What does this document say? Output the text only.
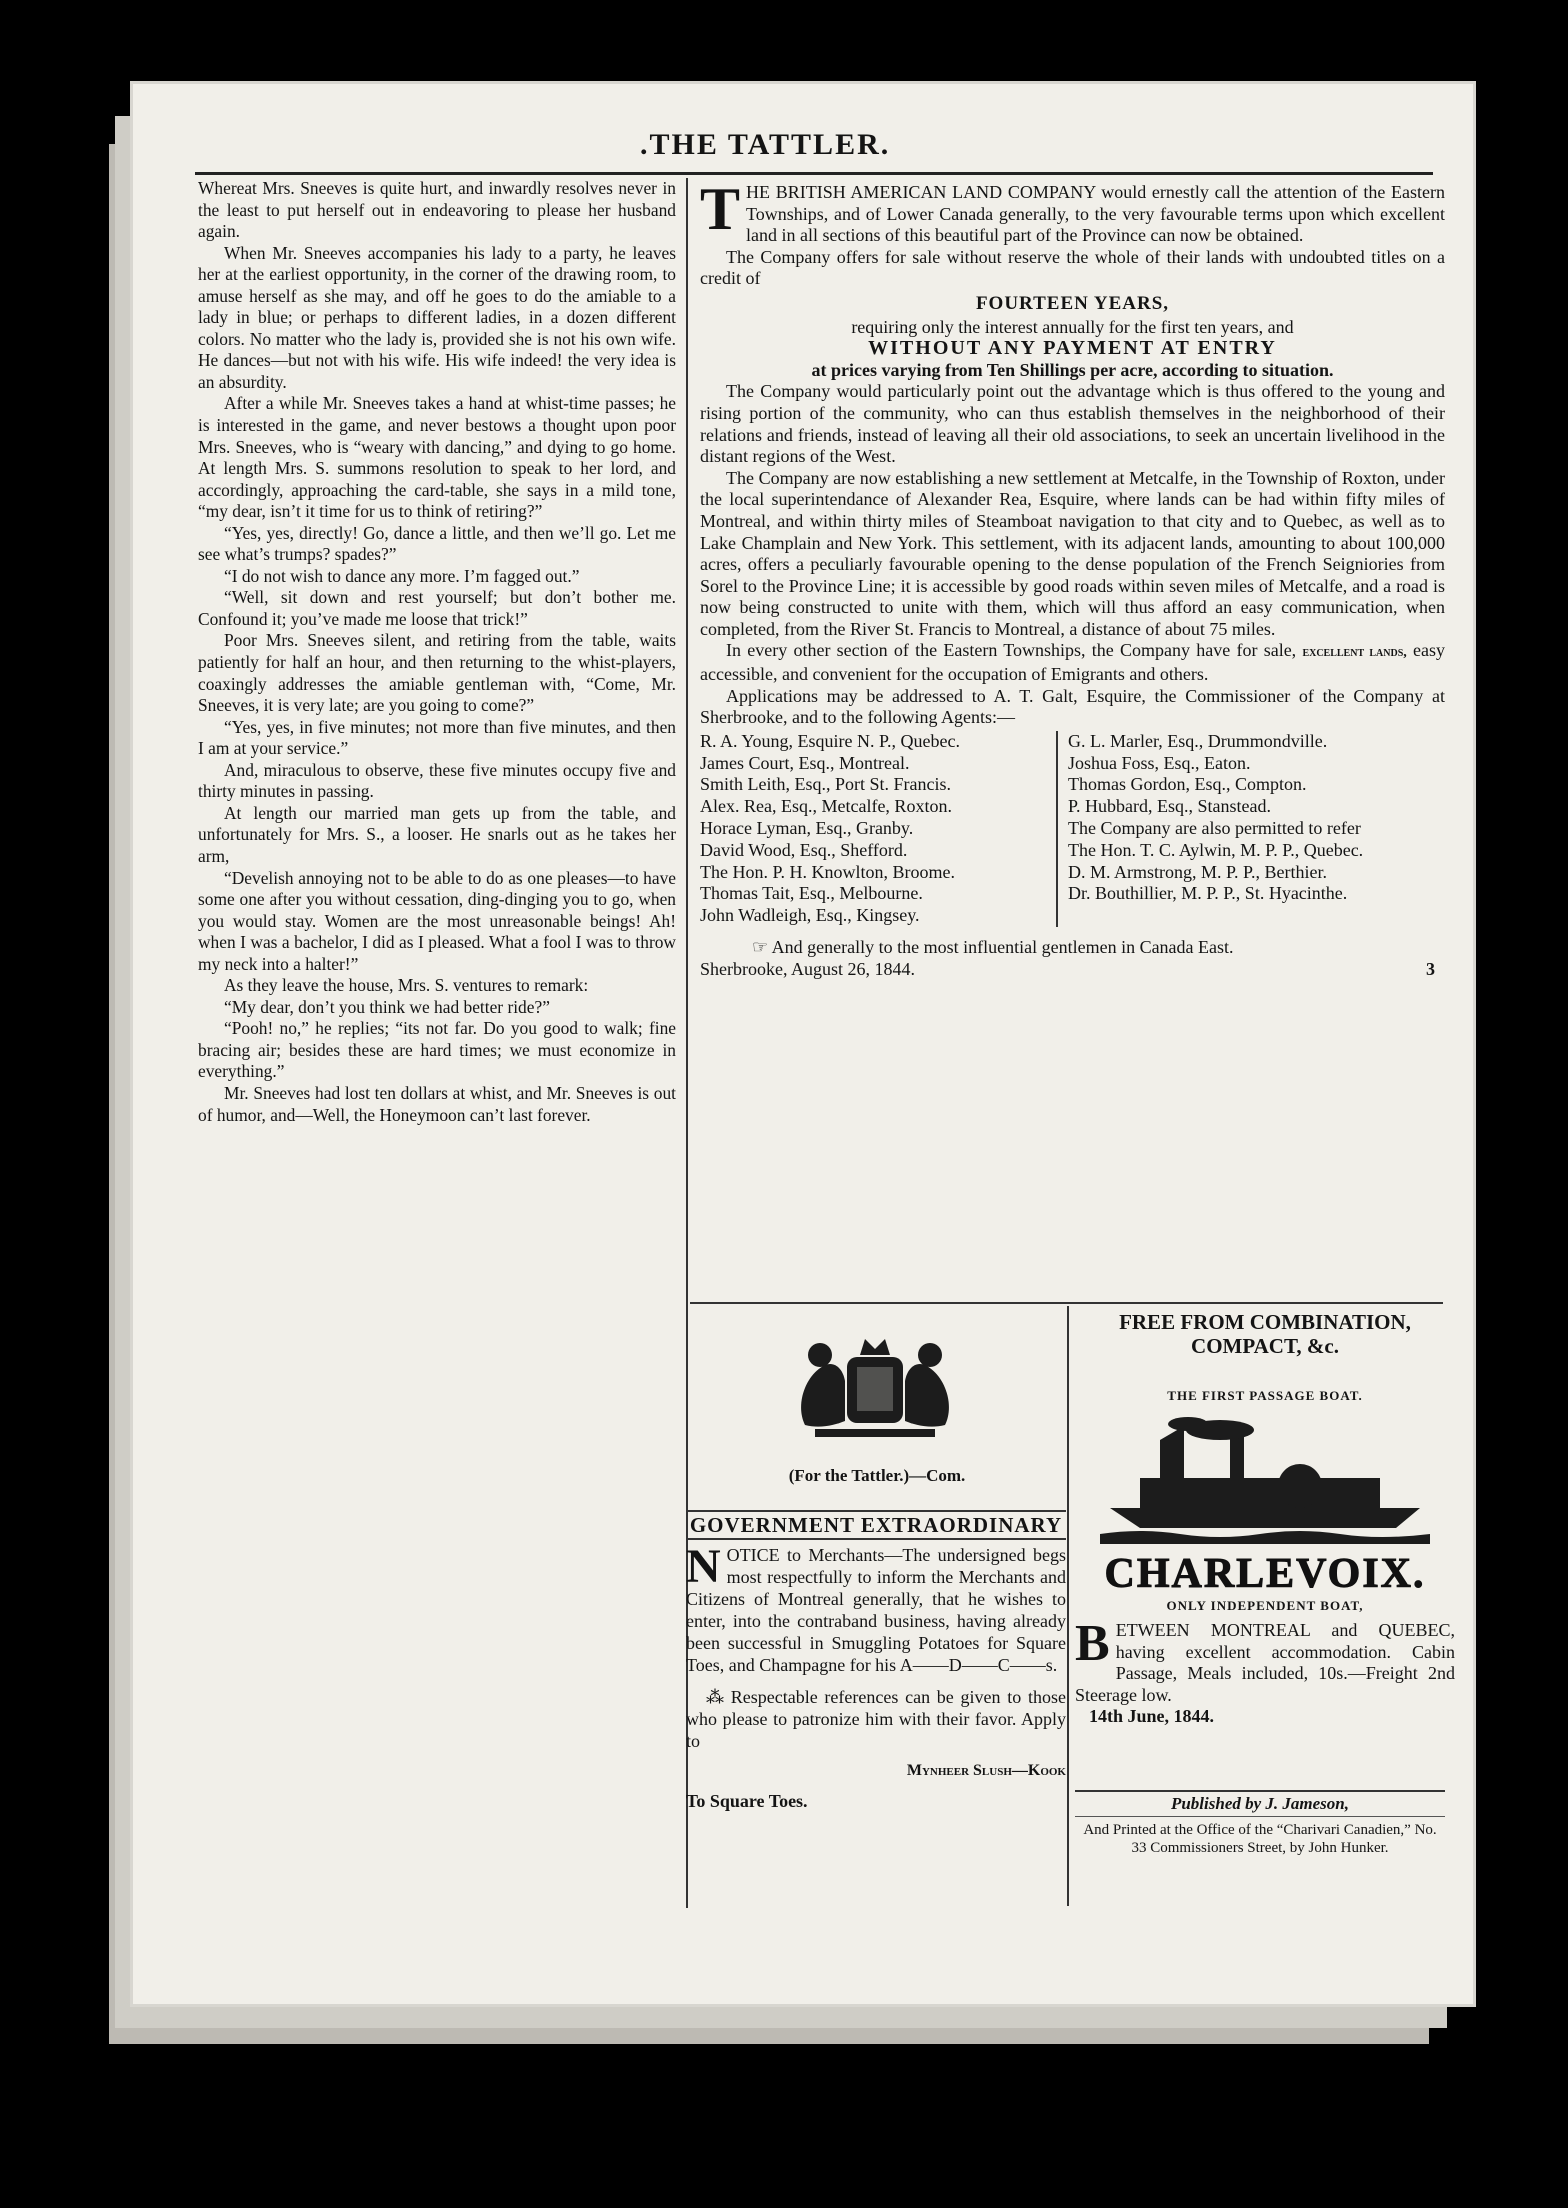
.THE TATTLER.

Whereat Mrs. Sneeves is quite hurt, and inwardly resolves never in the least to put herself out in endeavoring to please her husband again.

When Mr. Sneeves accompanies his lady to a party, he leaves her at the earliest opportunity, in the corner of the drawing room, to amuse herself as she may, and off he goes to do the amiable to a lady in blue; or perhaps to different ladies, in a dozen different colors. No matter who the lady is, provided she is not his own wife. He dances—but not with his wife. His wife indeed! the very idea is an absurdity.

After a while Mr. Sneeves takes a hand at whist-time passes; he is interested in the game, and never bestows a thought upon poor Mrs. Sneeves, who is “weary with dancing,” and dying to go home. At length Mrs. S. summons resolution to speak to her lord, and accordingly, approaching the card-table, she says in a mild tone, “my dear, isn’t it time for us to think of retiring?”

“Yes, yes, directly! Go, dance a little, and then we’ll go. Let me see what’s trumps? spades?”

“I do not wish to dance any more. I’m fagged out.”

“Well, sit down and rest yourself; but don’t bother me. Confound it; you’ve made me loose that trick!”

Poor Mrs. Sneeves silent, and retiring from the table, waits patiently for half an hour, and then returning to the whist-players, coaxingly addresses the amiable gentleman with, “Come, Mr. Sneeves, it is very late; are you going to come?”

“Yes, yes, in five minutes; not more than five minutes, and then I am at your service.”

And, miraculous to observe, these five minutes occupy five and thirty minutes in passing.

At length our married man gets up from the table, and unfortunately for Mrs. S., a looser. He snarls out as he takes her arm,

“Develish annoying not to be able to do as one pleases—to have some one after you without cessation, ding-dinging you to go, when you would stay. Women are the most unreasonable beings! Ah! when I was a bachelor, I did as I pleased. What a fool I was to throw my neck into a halter!”

As they leave the house, Mrs. S. ventures to remark:

“My dear, don’t you think we had better ride?”

“Pooh! no,” he replies; “its not far. Do you good to walk; fine bracing air; besides these are hard times; we must economize in everything.”

Mr. Sneeves had lost ten dollars at whist, and Mr. Sneeves is out of humor, and—Well, the Honeymoon can’t last forever.

T HE BRITISH AMERICAN LAND COMPANY would ernestly call the attention of the Eastern Townships, and of Lower Canada generally, to the very favourable terms upon which excellent land in all sections of this beautiful part of the Province can now be obtained.

The Company offers for sale without reserve the whole of their lands with undoubted titles on a credit of

FOURTEEN YEARS,

requiring only the interest annually for the first ten years, and

WITHOUT ANY PAYMENT AT ENTRY

at prices varying from Ten Shillings per acre, according to situation.

The Company would particularly point out the advantage which is thus offered to the young and rising portion of the community, who can thus establish themselves in the neighborhood of their relations and friends, instead of leaving all their old associations, to seek an uncertain livelihood in the distant regions of the West.

The Company are now establishing a new settlement at Metcalfe, in the Township of Roxton, under the local superintendance of Alexander Rea, Esquire, where lands can be had within fifty miles of Montreal, and within thirty miles of Steamboat navigation to that city and to Quebec, as well as to Lake Champlain and New York. This settlement, with its adjacent lands, amounting to about 100,000 acres, offers a peculiarly favourable opening to the dense population of the French Seigniories from Sorel to the Province Line; it is accessible by good roads within seven miles of Metcalfe, and a road is now being constructed to unite with them, which will thus afford an easy communication, when completed, from the River St. Francis to Montreal, a distance of about 75 miles.

In every other section of the Eastern Townships, the Company have for sale, excellent lands, easy accessible, and convenient for the occupation of Emigrants and others.

Applications may be addressed to A. T. Galt, Esquire, the Commissioner of the Company at Sherbrooke, and to the following Agents:—

R. A. Young, Esquire N. P., Quebec.
James Court, Esq., Montreal.
Smith Leith, Esq., Port St. Francis.
Alex. Rea, Esq., Metcalfe, Roxton.
Horace Lyman, Esq., Granby.
David Wood, Esq., Shefford.
The Hon. P. H. Knowlton, Broome.
Thomas Tait, Esq., Melbourne.
John Wadleigh, Esq., Kingsey.
G. L. Marler, Esq., Drummondville.
Joshua Foss, Esq., Eaton.
Thomas Gordon, Esq., Compton.
P. Hubbard, Esq., Stanstead.
The Company are also permitted to refer
The Hon. T. C. Aylwin, M. P. P., Quebec.
D. M. Armstrong, M. P. P., Berthier.
Dr. Bouthillier, M. P. P., St. Hyacinthe.

☞ And generally to the most influential gentlemen in Canada East.

Sherbrooke, August 26, 1844.	3

(For the Tattler.)—Com.
GOVERNMENT EXTRAORDINARY

N OTICE to Merchants—The undersigned begs most respectfully to inform the Merchants and Citizens of Montreal generally, that he wishes to enter, into the contraband business, having already been successful in Smuggling Potatoes for Square Toes, and Champagne for his A——D——C——s.

⁂ Respectable references can be given to those who please to patronize him with their favor. Apply to

Mynheer Slush—Kook

To Square Toes.

FREE FROM COMBINATION, COMPACT, &c.
THE FIRST PASSAGE BOAT.
CHARLEVOIX.
ONLY INDEPENDENT BOAT,

B ETWEEN MONTREAL and QUEBEC, having excellent accommodation. Cabin Passage, Meals included, 10s.—Freight 2nd Steerage low.

14th June, 1844.

Published by J. Jameson,
And Printed at the Office of the “Charivari Canadien,” No. 33 Commissioners Street, by John Hunker.
